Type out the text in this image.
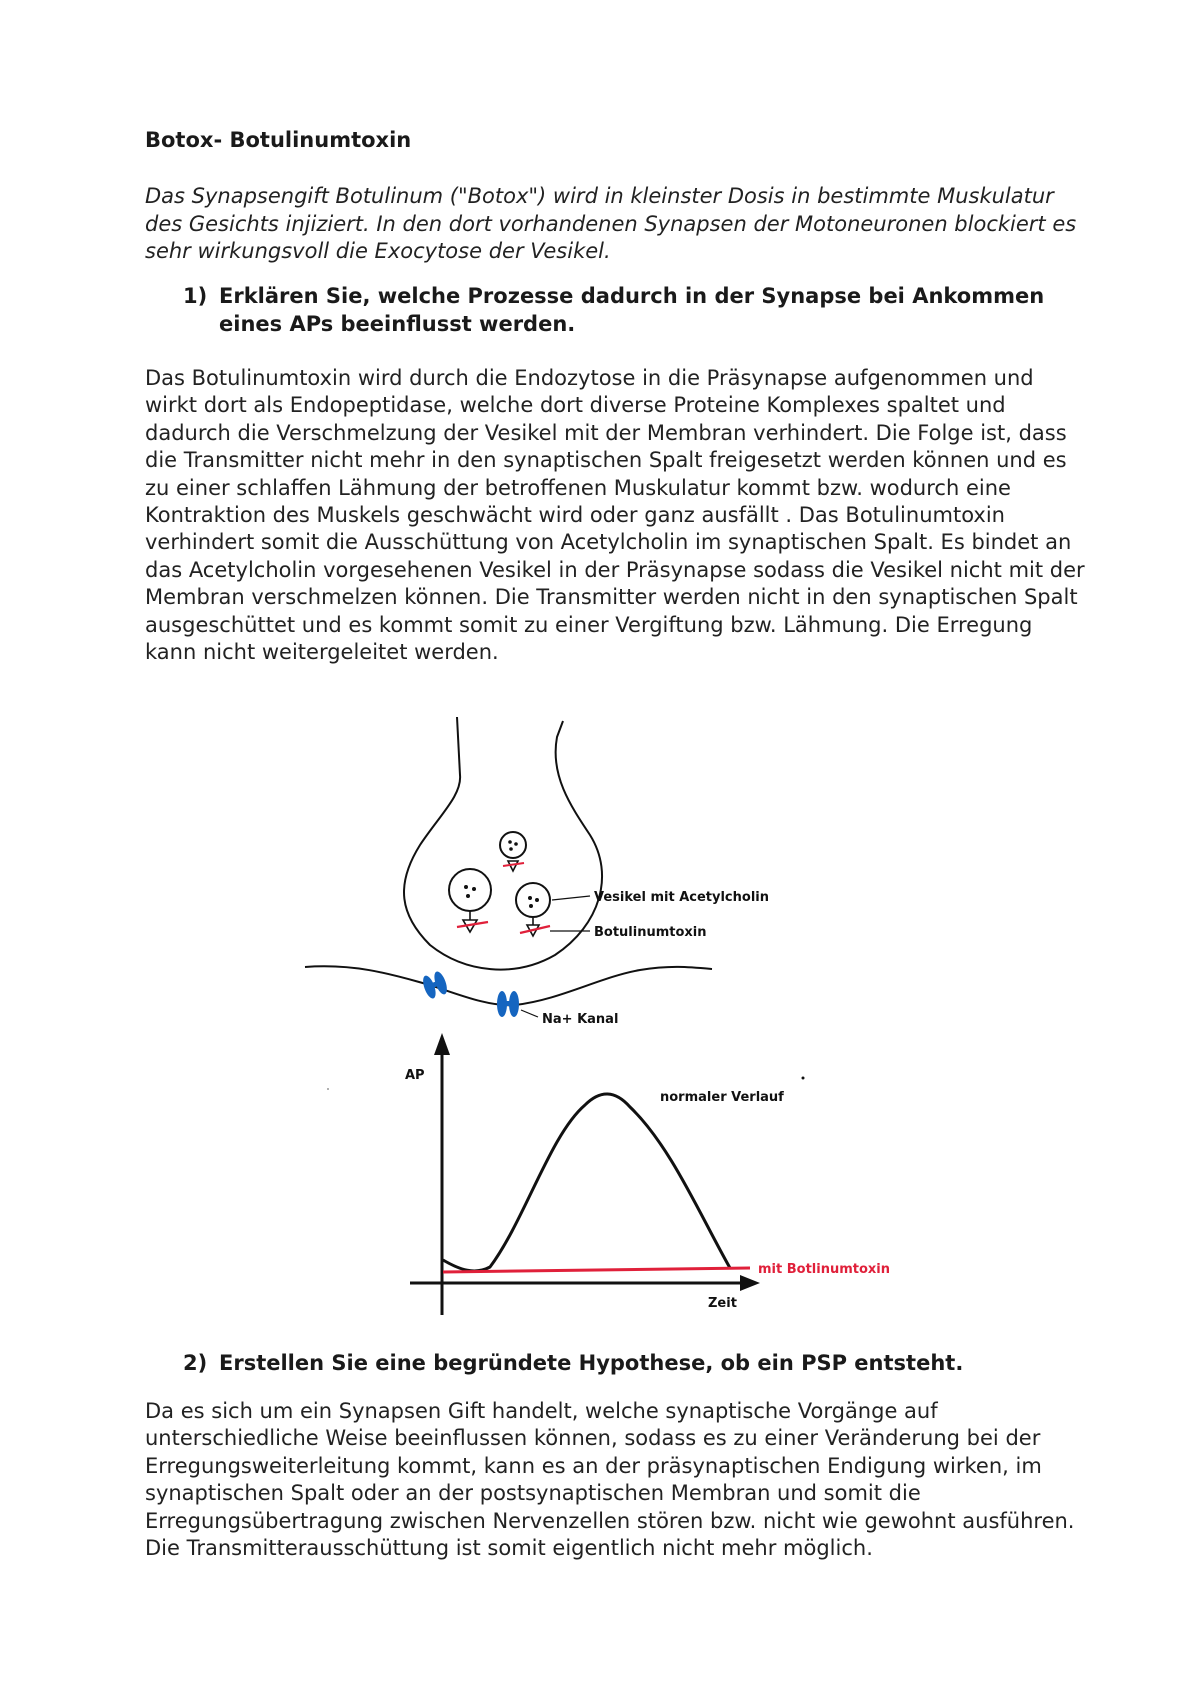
Botox- Botulinumtoxin
Das Synapsengift Botulinum ("Botox") wird in kleinster Dosis in bestimmte Muskulatur des Gesichts injiziert. In den dort vorhandenen Synapsen der Motoneuronen blockiert es sehr wirkungsvoll die Exocytose der Vesikel.
1) Erklären Sie, welche Prozesse dadurch in der Synapse bei Ankommen eines APs beeinflusst werden.

Das Botulinumtoxin wird durch die Endozytose in die Präsynapse aufgenommen und wirkt dort als Endopeptidase, welche dort diverse Proteine Komplexes spaltet und dadurch die Verschmelzung der Vesikel mit der Membran verhindert. Die Folge ist, dass die Transmitter nicht mehr in den synaptischen Spalt freigesetzt werden können und es zu einer schlaffen Lähmung der betroffenen Muskulatur kommt bzw. wodurch eine Kontraktion des Muskels geschwächt wird oder ganz ausfällt . Das Botulinumtoxin verhindert somit die Ausschüttung von Acetylcholin im synaptischen Spalt. Es bindet an das Acetylcholin vorgesehenen Vesikel in der Präsynapse sodass die Vesikel nicht mit der Membran verschmelzen können. Die Transmitter werden nicht in den synaptischen Spalt ausgeschüttet und es kommt somit zu einer Vergiftung bzw. Lähmung. Die Erregung kann nicht weitergeleitet werden.

Vesikel mit Acetylcholin
Botulinumtoxin
Na+ Kanal
AP
Zeit
normaler Verlauf
mit Botlinumtoxin
2) Erstellen Sie eine begründete Hypothese, ob ein PSP entsteht.

Da es sich um ein Synapsen Gift handelt, welche synaptische Vorgänge auf unterschiedliche Weise beeinflussen können, sodass es zu einer Veränderung bei der Erregungsweiterleitung kommt, kann es an der präsynaptischen Endigung wirken, im synaptischen Spalt oder an der postsynaptischen Membran und somit die Erregungsübertragung zwischen Nervenzellen stören bzw. nicht wie gewohnt ausführen.

Die Transmitterausschüttung ist somit eigentlich nicht mehr möglich.
